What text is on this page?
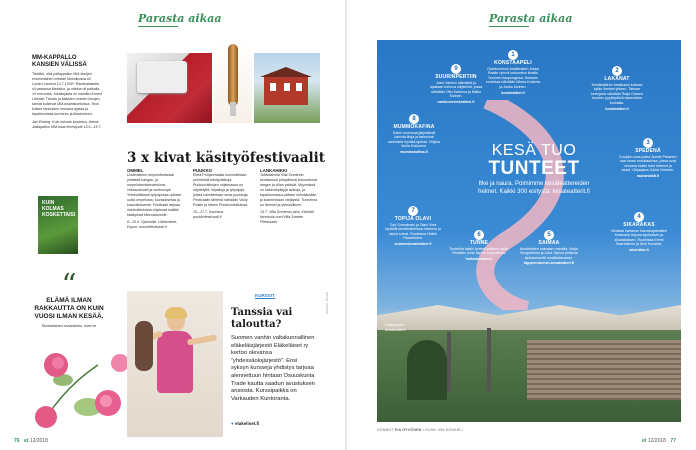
Parasta aikaa
MM-KAPPALLO
KANSIEN VÄLISSÄ
Tiesitkö, että pallappallon MM-kisojen ensimmäinen mestari Meksikossa oli Lucien Laurent 13.7.1930? Ranskalaisella oli vastassa Meksiko, ja ottelua oli paikalla 19 minuuttia. Kisakirjasta on mainittu Ernest Libérati. Tämän ja kaikkien muiden kisojen tarinat kulkevat MM-kisahistoriikissa. Teos kulkee tarinoiden mukana ajassa ja tapahtumissa kuvineen ja tilastoineen.
Jari Ekberg: Kuin kolmas kosketus. Atena: Jalkapallon MM-kisat ilmestyvät 15.6.–15.7.
KUIN KOLMAS KOSKETTAISI
“
ELÄMÄ ILMAN RAKKAUTTA ON KUIN VUOSI ILMAN KESÄÄ.
Ruotsalainen sananlasku, kivet.se
3 x kivat käsityöfestivaalit
OMMEL
Uudenlainen ompelufestivaali yhdistää kangas- ja ompelutarvikemarkkinat, virkkausklubit ja workshopit. Yhteisöllisissä työpajoissa opitaan uutta ompelusta, tuunauksesta ja kaavoituksesta. Festivaali tarjoaa mielenkiintoista ohjelmaa kaikille käsityöstä kiinnostuneille.
8.–10.6. Opinmäki, Lillhemlinte, Espoo. ommelfestivaali.fi
PUUKKO
Etelä-Pohjanmaalla kunnioitetaan perinteisiä käsityötaitoja. Puukkoviikkojen ohjelmassa on näyttelyitä, kilpailuja ja työpajoja, joissa valmistetaan omia puukkoja. Festivaalin tähtenä nähdään Vicky Rostin ja hänen Puukkoniekkansa.
15.–17.7. Kauhava. puukkofestivaali.fi
LANKAHIKKI
Taidekahvila Villa Svedenin kesäisessä pihapiirissä kokoontuvat langan ja villan ystävät. Myynnissä on käsinvärjättyjä lankoja, ja tapahtumassa pääsee kehräämään ja kokeilemaan värjäystä. Tunnelma on lämmin ja yhteisöllinen.
14.7. Villa Svedenin piha, Kärkölä. facebook.com/Villa Sveden Pietarsaari
KURSSIT
Tanssia vai taloutta?
Suomen vanhin valtakunnallinen eläkeläisjärjestö Eläkeläiset ry kertoo olevansa ”yhdessäolojärjestö”. Ensi syksyn kursseja yhdistys tarjoaa alennettuun hintaan Osuuskunta Trade kautta saadun avustuksen ansiosta. Kurssipaikka on Varkauden Kuntoranta.
● elakeliset.fi
KUVAT: ISTOCK
76 et 12/2018
Parasta aikaa
KESÄ TUO
TUNTEET
Itke ja naura. Poimimme kesäteattereiden helmet. Kaikki 300 esitystä: kesateatterit.fi
1
KONSTAAPELI
Outokummun kesäteatteri Jukka Raatin ryhmä kokoontuu ilmailu Suomen kaupungissa. Keisarin rooleissa nähdään Minna Koskela ja Jukka Kivinen.
kesateatteri.fi
9
SUURINPERTIIN
Jussi Vainion elämästä ja ajastaan kertova näytelmä, jossa nähdään Otto Kanerva ja Mikko Kivinen.
narhinmerenteatteri.fi
2
LAKANAT
Kesäteatterin kesäkausi kokoaa kylän ihmiset yhteen. Tarinan kertojana nähdään Raija Orasen tuoreen pyykkipäivä lakanoiden kohdalla.
kesateatteri.fi
8
MUMMOKAFINA
Kaksi mummoa järjestävät kahvila-iltoja ja tarinoivat vanhoista hyvistä ajoista. Ohjaus Venla Kulkunen.
mummokafina.fi
3
SPEDENÄ
Kuopion oma poika Spede Pasanen saa oman musikaalinsa, jossa ovat mukana kaikki tutut hahmot ja laulut. Ohjaajana Jukka Virtanen.
rauhanlahti.fi
7
TOPIJA OLAVI
Topi Sorsakoski ja Olavi Virta löytävät kesäteatterissa toisensa ja laulut soivat. Rooleissa Heikki Paavilainen.
suomenkesateatteri.fi
6
TUNNE
Tunteella kaikki tunteet pääsee esille. Tehdään Juha Tapion kappaleista.
hollolateatteri.fi
5
SAIMAA
Kesäteatteri saimaan rannalla. Marjo Bergströmin ja Juha Tapion johtama laulukonsertti musiikkilauseen.
tappeenrannan-kesateatteri.fi
4
SIKARAKAS
Viinikasi kartanon harrastajateatteri Keravalla tarjoaa sijoituksen ja sikarakaksen. Rooleissa Emmi Saarelainen ja Kirsi Kuusela.
sikarakas.fi
Laajasalon kesäteatteri
DONNUT PIA HYVÖNEN • KUVA: INA KOUKELI
et 12/2018 77
